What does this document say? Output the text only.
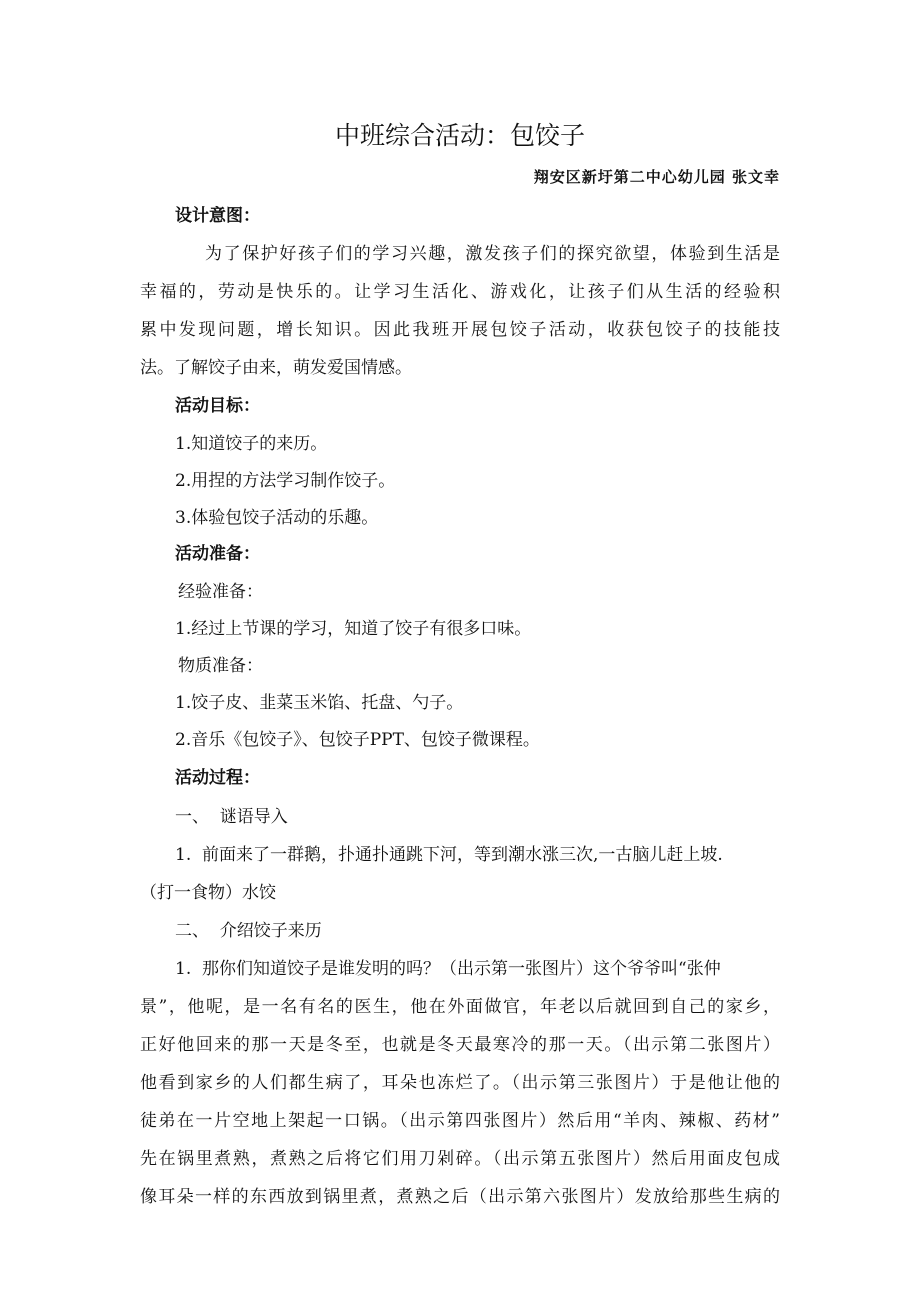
中班综合活动：包饺子
翔安区新圩第二中心幼儿园 张文幸
设计意图：
为了保护好孩子们的学习兴趣，激发孩子们的探究欲望，体验到生活是
幸福的，劳动是快乐的。让学习生活化、游戏化，让孩子们从生活的经验积
累中发现问题，增长知识。因此我班开展包饺子活动，收获包饺子的技能技
法。了解饺子由来，萌发爱国情感。
活动目标：
1.知道饺子的来历。
2.用捏的方法学习制作饺子。
3.体验包饺子活动的乐趣。
活动准备：
经验准备：
1.经过上节课的学习，知道了饺子有很多口味。
物质准备：
1.饺子皮、韭菜玉米馅、托盘、勺子。
2.音乐《包饺子》、包饺子PPT、包饺子微课程。
活动过程：
一、  谜语导入
1.  前面来了一群鹅，扑通扑通跳下河，等到潮水涨三次,一古脑儿赶上坡.
（打一食物）水饺
二、  介绍饺子来历
1.  那你们知道饺子是谁发明的吗？（出示第一张图片）这个爷爷叫“张仲
景”，他呢，是一名有名的医生，他在外面做官，年老以后就回到自己的家乡，
正好他回来的那一天是冬至，也就是冬天最寒冷的那一天。（出示第二张图片）
他看到家乡的人们都生病了，耳朵也冻烂了。（出示第三张图片）于是他让他的
徒弟在一片空地上架起一口锅。（出示第四张图片）然后用“羊肉、辣椒、药材”
先在锅里煮熟，煮熟之后将它们用刀剁碎。（出示第五张图片）然后用面皮包成
像耳朵一样的东西放到锅里煮，煮熟之后（出示第六张图片）发放给那些生病的
